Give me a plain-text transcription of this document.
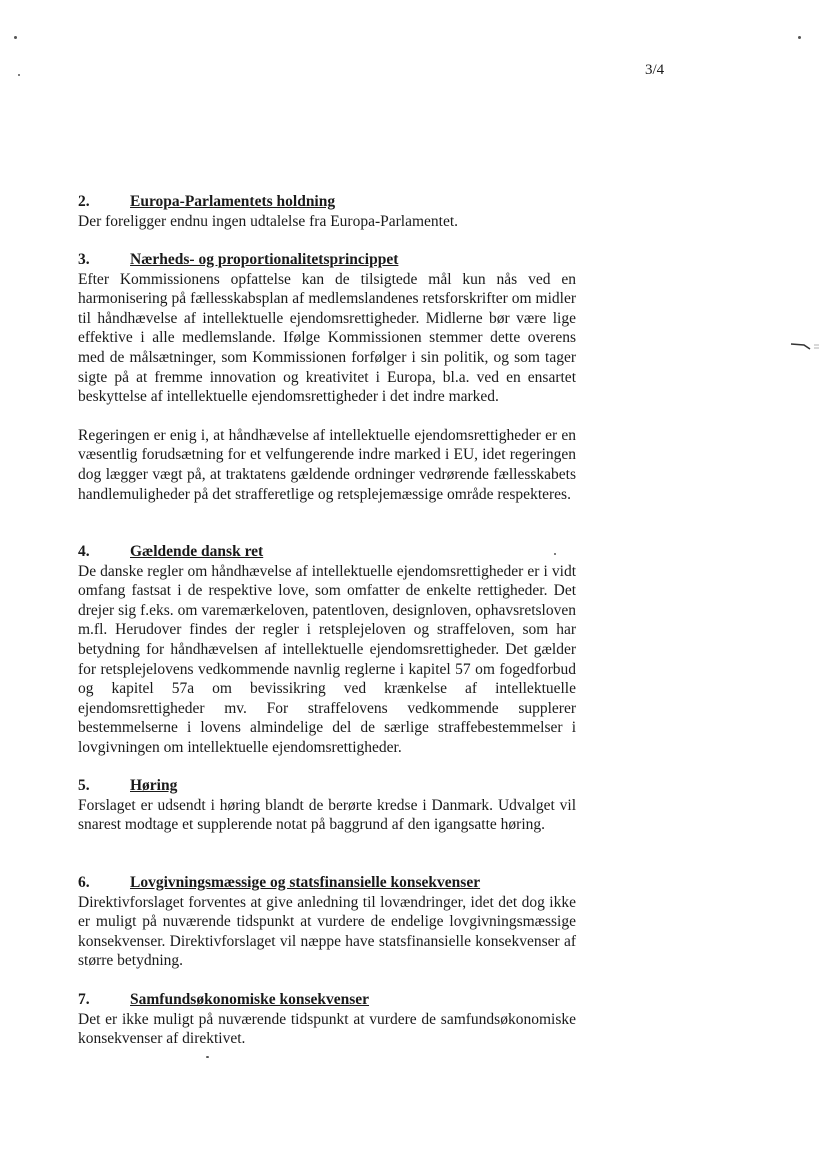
3/4
2.	Europa-Parlamentets holdning
Der foreligger endnu ingen udtalelse fra Europa-Parlamentet.
3.	Nærheds- og proportionalitetsprincippet
Efter Kommissionens opfattelse kan de tilsigtede mål kun nås ved en harmonisering på fællesskabsplan af medlemslandenes retsforskrifter om midler til håndhævelse af intellektuelle ejendomsrettigheder. Midlerne bør være lige effektive i alle medlemslande. Ifølge Kommissionen stemmer dette overens med de målsætninger, som Kommissionen forfølger i sin politik, og som tager sigte på at fremme innovation og kreativitet i Europa, bl.a. ved en ensartet beskyttelse af intellektuelle ejendomsrettigheder i det indre marked.
Regeringen er enig i, at håndhævelse af intellektuelle ejendomsrettigheder er en væsentlig forudsætning for et velfungerende indre marked i EU, idet regeringen dog lægger vægt på, at traktatens gældende ordninger vedrørende fællesskabets handlemuligheder på det strafferetlige og retsplejemæssige område respekteres.
4.	Gældende dansk ret
De danske regler om håndhævelse af intellektuelle ejendomsrettigheder er i vidt omfang fastsat i de respektive love, som omfatter de enkelte rettigheder. Det drejer sig f.eks. om varemærkeloven, patentloven, designloven, ophavsretsloven m.fl. Herudover findes der regler i retsplejeloven og straffeloven, som har betydning for håndhævelsen af intellektuelle ejendomsrettigheder. Det gælder for retsplejelovens vedkommende navnlig reglerne i kapitel 57 om fogedforbud og kapitel 57a om bevissikring ved krænkelse af intellektuelle ejendomsrettigheder mv. For straffelovens vedkommende supplerer bestemmelserne i lovens almindelige del de særlige straffebestemmelser i lovgivningen om intellektuelle ejendomsrettigheder.
5.	Høring
Forslaget er udsendt i høring blandt de berørte kredse i Danmark. Udvalget vil snarest modtage et supplerende notat på baggrund af den igangsatte høring.
6.	Lovgivningsmæssige og statsfinansielle konsekvenser
Direktivforslaget forventes at give anledning til lovændringer, idet det dog ikke er muligt på nuværende tidspunkt at vurdere de endelige lovgivningsmæssige konsekvenser. Direktivforslaget vil næppe have statsfinansielle konsekvenser af større betydning.
7.	Samfundsøkonomiske konsekvenser
Det er ikke muligt på nuværende tidspunkt at vurdere de samfundsøkonomiske konsekvenser af direktivet.
